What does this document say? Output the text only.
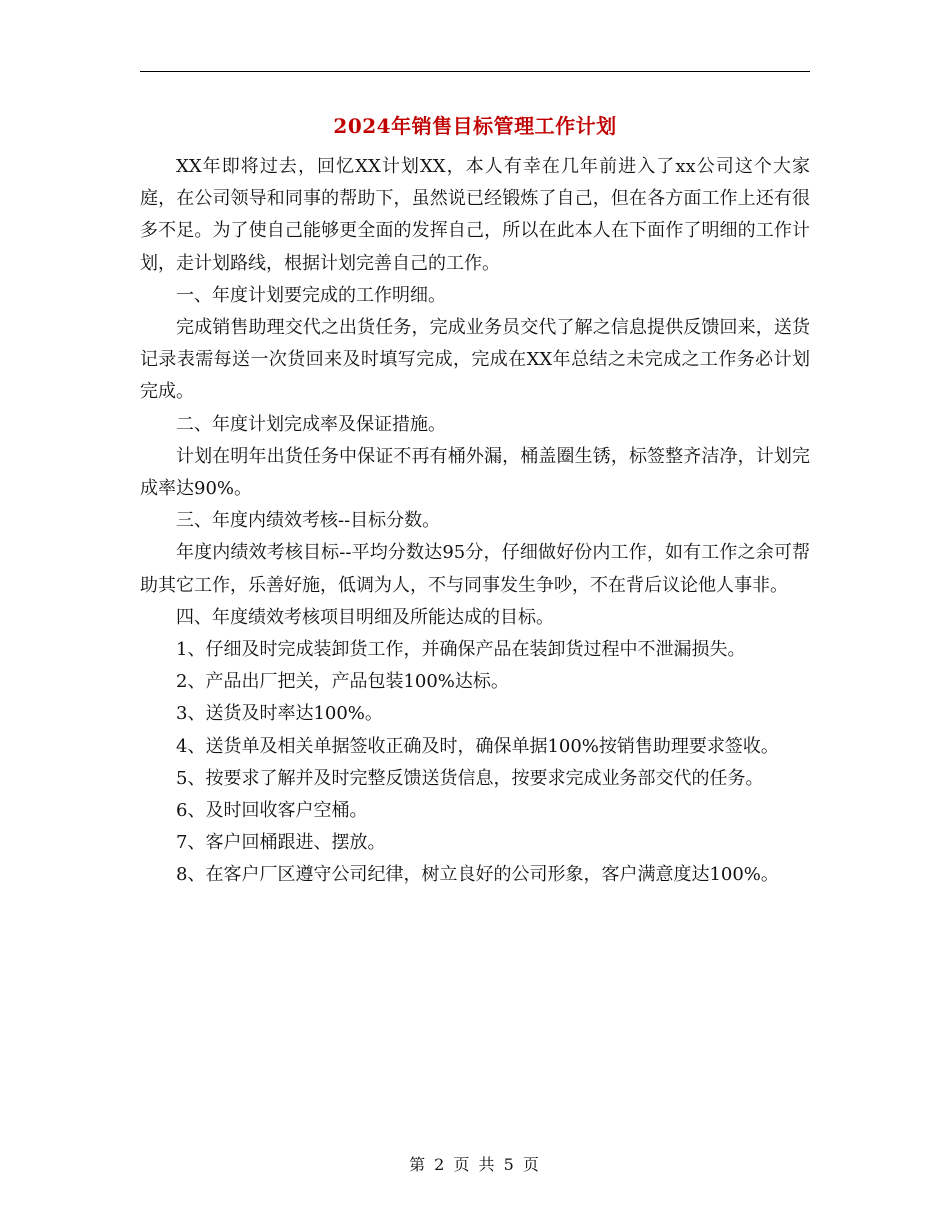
2024年销售目标管理工作计划

XX年即将过去，回忆XX计划XX，本人有幸在几年前进入了xx公司这个大家庭，在公司领导和同事的帮助下，虽然说已经锻炼了自己，但在各方面工作上还有很多不足。为了使自己能够更全面的发挥自己，所以在此本人在下面作了明细的工作计划，走计划路线，根据计划完善自己的工作。

一、年度计划要完成的工作明细。

完成销售助理交代之出货任务，完成业务员交代了解之信息提供反馈回来，送货记录表需每送一次货回来及时填写完成，完成在XX年总结之未完成之工作务必计划完成。

二、年度计划完成率及保证措施。

计划在明年出货任务中保证不再有桶外漏，桶盖圈生锈，标签整齐洁净，计划完成率达90%。

三、年度内绩效考核--目标分数。

年度内绩效考核目标--平均分数达95分，仔细做好份内工作，如有工作之余可帮助其它工作，乐善好施，低调为人，不与同事发生争吵，不在背后议论他人事非。

四、年度绩效考核项目明细及所能达成的目标。

1、仔细及时完成装卸货工作，并确保产品在装卸货过程中不泄漏损失。

2、产品出厂把关，产品包装100%达标。

3、送货及时率达100%。

4、送货单及相关单据签收正确及时，确保单据100%按销售助理要求签收。

5、按要求了解并及时完整反馈送货信息，按要求完成业务部交代的任务。

6、及时回收客户空桶。

7、客户回桶跟进、摆放。

8、在客户厂区遵守公司纪律，树立良好的公司形象，客户满意度达100%。

第 2 页 共 5 页
